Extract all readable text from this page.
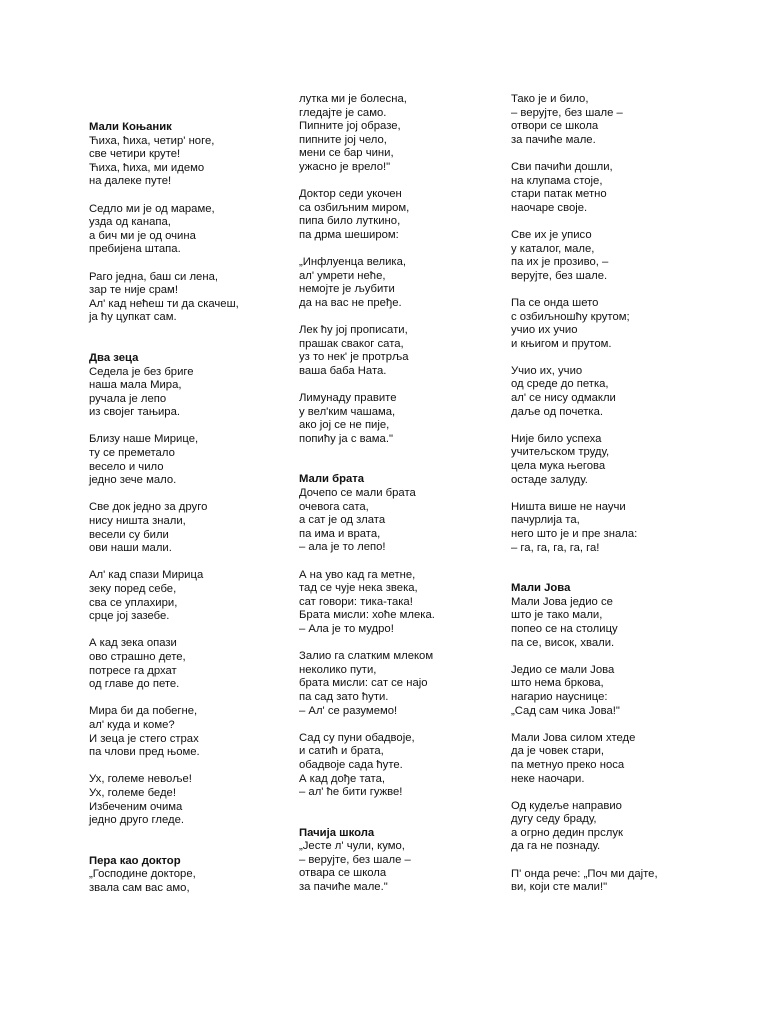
Мали Коњаник
Ћиха, ћиха, четир' ноге,
све четири круте!
Ћиха, ћиха, ми идемо
на далеке путе!
Седло ми је од мараме,
узда од канапа,
а бич ми је од очина
пребијена штапа.
Раго једна, баш си лена,
зар те није срам!
Ал' кад нећеш ти да скачеш,
ја ћу цупкат сам.
Два зеца
Седела је без бриге
наша мала Мира,
ручала је лепо
из својег тањира.
Близу наше Мирице,
ту се преметало
весело и чило
једно зече мало.
Све док једно за друго
нису ништа знали,
весели су били
ови наши мали.
Ал' кад спази Мирица
зеку поред себе,
сва се уплахири,
срце јој зазебе.
А кад зека опази
ово страшно дете,
потресе га дрхат
од главе до пете.
Мира би да побегне,
ал' куда и коме?
И зеца је стего страх
па члови пред њоме.
Ух, големе невоље!
Ух, големе беде!
Избеченим очима
једно друго гледе.
Пера као доктор
„Господине докторе,
звала сам вас амо,
лутка ми је болесна,
гледајте је само.
Пипните јој образе,
пипните јој чело,
мени се бар чини,
ужасно је врело!"
Доктор седи укочен
са озбиљним миром,
пипа било луткино,
па дрма шеширом:
„Инфлуенца велика,
ал' умрети неће,
немојте је љубити
да на вас не пређе.
Лек ћу јој прописати,
прашак сваког сата,
уз то нек' је протрља
ваша баба Ната.
Лимунаду правите
у вел'ким чашама,
ако јој се не пије,
попићу ја с вама."
Мали брата
Дочепо се мали брата
очевога сата,
а сат је од злата
па има и врата,
– ала је то лепо!
А на уво кад га метне,
тад се чује нека звека,
сат говори: тика-така!
Брата мисли: хоће млека.
– Ала је то мудро!
Залио га слатким млеком
неколико пути,
брата мисли: сат се најо
па сад зато ћути.
– Ал' се разумемо!
Сад су пуни обадвоје,
и сатић и брата,
обадвоје сада ћуте.
А кад дође тата,
– ал' ће бити гужве!
Пачија школа
„Јесте л' чули, кумо,
– верујте, без шале –
отвара се школа
за пачиће мале."
Тако је и било,
– верујте, без шале –
отвори се школа
за пачиће мале.
Сви пачићи дошли,
на клупама стоје,
стари патак метно
наочаре своје.
Све их је уписо
у каталог, мале,
па их је прозиво, –
верујте, без шале.
Па се онда шето
с озбиљношћу крутом;
учио их учио
и књигом и прутом.
Учио их, учио
од среде до петка,
ал' се нису одмакли
даље од почетка.
Није било успеха
учитељском труду,
цела мука његова
остаде залуду.
Ништа више не научи
пачурлија та,
него што је и пре знала:
– га, га, га, га, га!
Мали Јова
Мали Јова једио се
што је тако мали,
попео се на столицу
па се, висок, хвали.
Једио се мали Јова
што нема бркова,
нагарио науснице:
„Сад сам чика Јова!"
Мали Јова силом хтеде
да је човек стари,
па метнуо преко носа
неке наочари.
Од кудеље направио
дугу седу браду,
а огрно дедин прслук
да га не познаду.
П' онда рече: „Поч ми дајте,
ви, који сте мали!"
